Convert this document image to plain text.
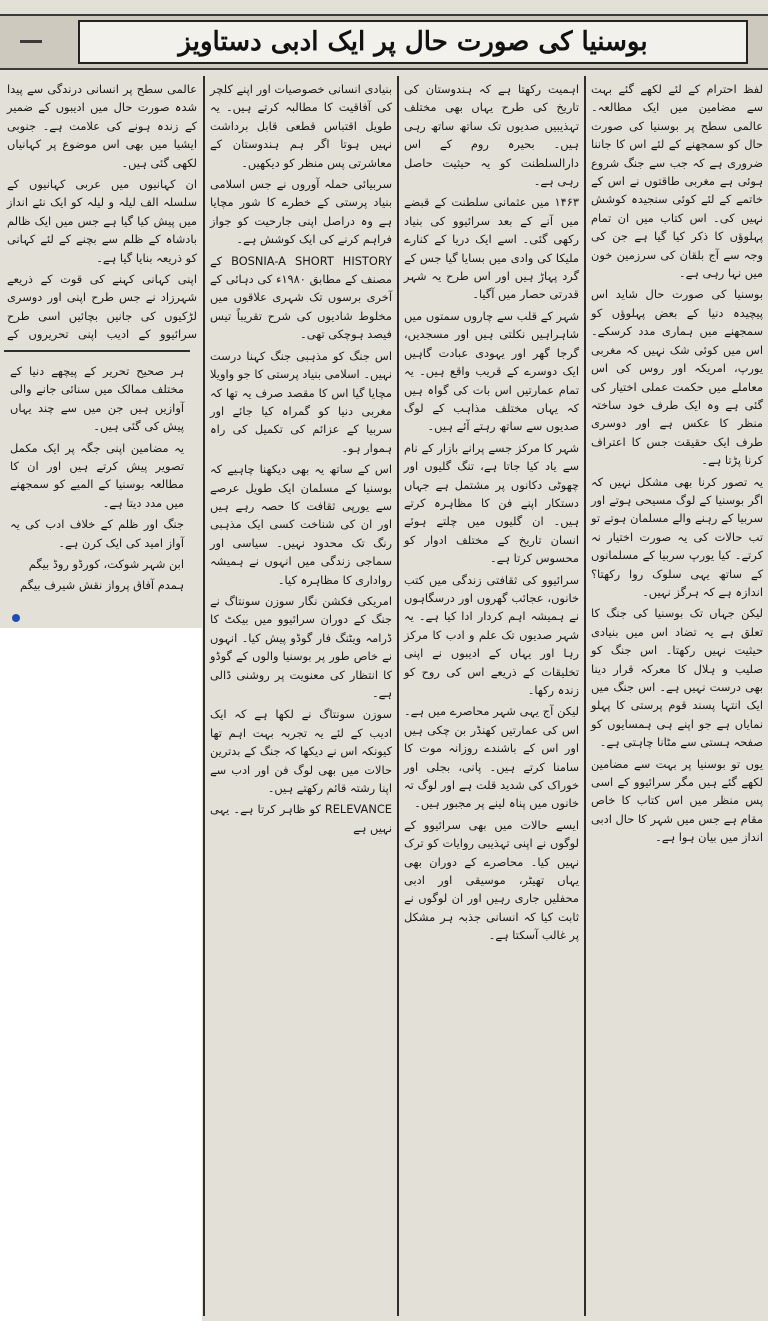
بوسنیا کی صورت حال پر ایک ادبی دستاویز

لفظ احترام کے لئے لکھے گئے بہت سے مضامین میں ایک مطالعہ۔ عالمی سطح پر بوسنیا کی صورت حال کو سمجھنے کے لئے اس کا جاننا ضروری ہے کہ جب سے جنگ شروع ہوئی ہے مغربی طاقتوں نے اس کے خاتمے کے لئے کوئی سنجیدہ کوشش نہیں کی۔ اس کتاب میں ان تمام پہلوؤں کا ذکر کیا گیا ہے جن کی وجہ سے آج بلقان کی سرزمین خون میں نہا رہی ہے۔

بوسنیا کی صورت حال شاید اس پیچیدہ دنیا کے بعض پہلوؤں کو سمجھنے میں ہماری مدد کرسکے۔ اس میں کوئی شک نہیں کہ مغربی یورپ، امریکہ اور روس کی اس معاملے میں حکمت عملی اختیار کی گئی ہے وہ ایک طرف خود ساختہ منظر کا عکس ہے اور دوسری طرف ایک حقیقت جس کا اعتراف کرنا پڑتا ہے۔

یہ تصور کرنا بھی مشکل نہیں کہ اگر بوسنیا کے لوگ مسیحی ہوتے اور سربیا کے رہنے والے مسلمان ہوتے تو تب حالات کی یہ صورت اختیار نہ کرتے۔ کیا یورپ سربیا کے مسلمانوں کے ساتھ یہی سلوک روا رکھتا؟ اندازہ ہے کہ ہرگز نہیں۔

لیکن جہاں تک بوسنیا کی جنگ کا تعلق ہے یہ تضاد اس میں بنیادی حیثیت نہیں رکھتا۔ اس جنگ کو صلیب و ہلال کا معرکہ قرار دینا بھی درست نہیں ہے۔ اس جنگ میں ایک انتہا پسند قوم پرستی کا پہلو نمایاں ہے جو اپنے ہی ہمسایوں کو صفحہ ہستی سے مٹانا چاہتی ہے۔

یوں تو بوسنیا پر بہت سے مضامین لکھے گئے ہیں مگر سرائیوو کے اسی پس منظر میں اس کتاب کا خاص مقام ہے جس میں شہر کا حال ادبی انداز میں بیان ہوا ہے۔

اہمیت رکھتا ہے کہ ہندوستان کی تاریخ کی طرح یہاں بھی مختلف تہذیبیں صدیوں تک ساتھ ساتھ رہی ہیں۔ بحیرہ روم کے اس دارالسلطنت کو یہ حیثیت حاصل رہی ہے۔

۱۴۶۳ میں عثمانی سلطنت کے قبضے میں آنے کے بعد سرائیوو کی بنیاد رکھی گئی۔ اسے ایک دریا کے کنارے ملیکا کی وادی میں بسایا گیا جس کے گرد پہاڑ ہیں اور اس طرح یہ شہر قدرتی حصار میں آگیا۔

شہر کے قلب سے چاروں سمتوں میں شاہراہیں نکلتی ہیں اور مسجدیں، گرجا گھر اور یہودی عبادت گاہیں ایک دوسرے کے قریب واقع ہیں۔ یہ تمام عمارتیں اس بات کی گواہ ہیں کہ یہاں مختلف مذاہب کے لوگ صدیوں سے ساتھ رہتے آئے ہیں۔

شہر کا مرکز جسے پرانے بازار کے نام سے یاد کیا جاتا ہے، تنگ گلیوں اور چھوٹی دکانوں پر مشتمل ہے جہاں دستکار اپنے فن کا مظاہرہ کرتے ہیں۔ ان گلیوں میں چلتے ہوئے انسان تاریخ کے مختلف ادوار کو محسوس کرتا ہے۔

سرائیوو کی ثقافتی زندگی میں کتب خانوں، عجائب گھروں اور درسگاہوں نے ہمیشہ اہم کردار ادا کیا ہے۔ یہ شہر صدیوں تک علم و ادب کا مرکز رہا اور یہاں کے ادیبوں نے اپنی تخلیقات کے ذریعے اس کی روح کو زندہ رکھا۔

لیکن آج یہی شہر محاصرے میں ہے۔ اس کی عمارتیں کھنڈر بن چکی ہیں اور اس کے باشندے روزانہ موت کا سامنا کرتے ہیں۔ پانی، بجلی اور خوراک کی شدید قلت ہے اور لوگ تہ خانوں میں پناہ لینے پر مجبور ہیں۔

ایسے حالات میں بھی سرائیوو کے لوگوں نے اپنی تہذیبی روایات کو ترک نہیں کیا۔ محاصرے کے دوران بھی یہاں تھیٹر، موسیقی اور ادبی محفلیں جاری رہیں اور ان لوگوں نے ثابت کیا کہ انسانی جذبہ ہر مشکل پر غالب آسکتا ہے۔

بنیادی انسانی خصوصیات اور اپنے کلچر کی آفاقیت کا مطالبہ کرتے ہیں۔ یہ طویل اقتباس قطعی قابل برداشت نہیں ہوتا اگر ہم ہندوستان کے معاشرتی پس منظر کو دیکھیں۔

سربیائی حملہ آوروں نے جس اسلامی بنیاد پرستی کے خطرے کا شور مچایا ہے وہ دراصل اپنی جارحیت کو جواز فراہم کرنے کی ایک کوشش ہے۔

BOSNIA-A SHORT HISTORY کے مصنف کے مطابق ۱۹۸۰ء کی دہائی کے آخری برسوں تک شہری علاقوں میں مخلوط شادیوں کی شرح تقریباً تیس فیصد ہوچکی تھی۔

اس جنگ کو مذہبی جنگ کہنا درست نہیں۔ اسلامی بنیاد پرستی کا جو واویلا مچایا گیا اس کا مقصد صرف یہ تھا کہ مغربی دنیا کو گمراہ کیا جائے اور سربیا کے عزائم کی تکمیل کی راہ ہموار ہو۔

اس کے ساتھ یہ بھی دیکھنا چاہیے کہ بوسنیا کے مسلمان ایک طویل عرصے سے یورپی ثقافت کا حصہ رہے ہیں اور ان کی شناخت کسی ایک مذہبی رنگ تک محدود نہیں۔ سیاسی اور سماجی زندگی میں انہوں نے ہمیشہ رواداری کا مظاہرہ کیا۔

امریکی فکشن نگار سوزن سونتاگ نے جنگ کے دوران سرائیوو میں بیکٹ کا ڈرامہ ویٹنگ فار گوڈو پیش کیا۔ انہوں نے خاص طور پر بوسنیا والوں کے گوڈو کا انتظار کی معنویت پر روشنی ڈالی ہے۔

سوزن سونتاگ نے لکھا ہے کہ ایک ادیب کے لئے یہ تجربہ بہت اہم تھا کیونکہ اس نے دیکھا کہ جنگ کے بدترین حالات میں بھی لوگ فن اور ادب سے اپنا رشتہ قائم رکھتے ہیں۔

RELEVANCE کو ظاہر کرتا ہے۔ یہی نہیں ہے

عالمی سطح پر انسانی درندگی سے پیدا شدہ صورت حال میں ادیبوں کے ضمیر کے زندہ ہونے کی علامت ہے۔ جنوبی ایشیا میں بھی اس موضوع پر کہانیاں لکھی گئی ہیں۔

ان کہانیوں میں عربی کہانیوں کے سلسلہ الف لیلہ و لیلہ کو ایک نئے انداز میں پیش کیا گیا ہے جس میں ایک ظالم بادشاہ کے ظلم سے بچنے کے لئے کہانی کو ذریعہ بنایا گیا ہے۔

اپنی کہانی کہنے کی قوت کے ذریعے شہرزاد نے جس طرح اپنی اور دوسری لڑکیوں کی جانیں بچائیں اسی طرح سرائیوو کے ادیب اپنی تحریروں کے

ہر صحیح تحریر کے پیچھے دنیا کے مختلف ممالک میں سنائی جانے والی آوازیں ہیں جن میں سے چند یہاں پیش کی گئی ہیں۔

یہ مضامین اپنی جگہ پر ایک مکمل تصویر پیش کرتے ہیں اور ان کا مطالعہ بوسنیا کے المیے کو سمجھنے میں مدد دیتا ہے۔

جنگ اور ظلم کے خلاف ادب کی یہ آواز امید کی ایک کرن ہے۔

ابن شہر شوکت، کورڈو روڈ بیگم

ہمدم آفاق پرواز نقش شیرف بیگم
